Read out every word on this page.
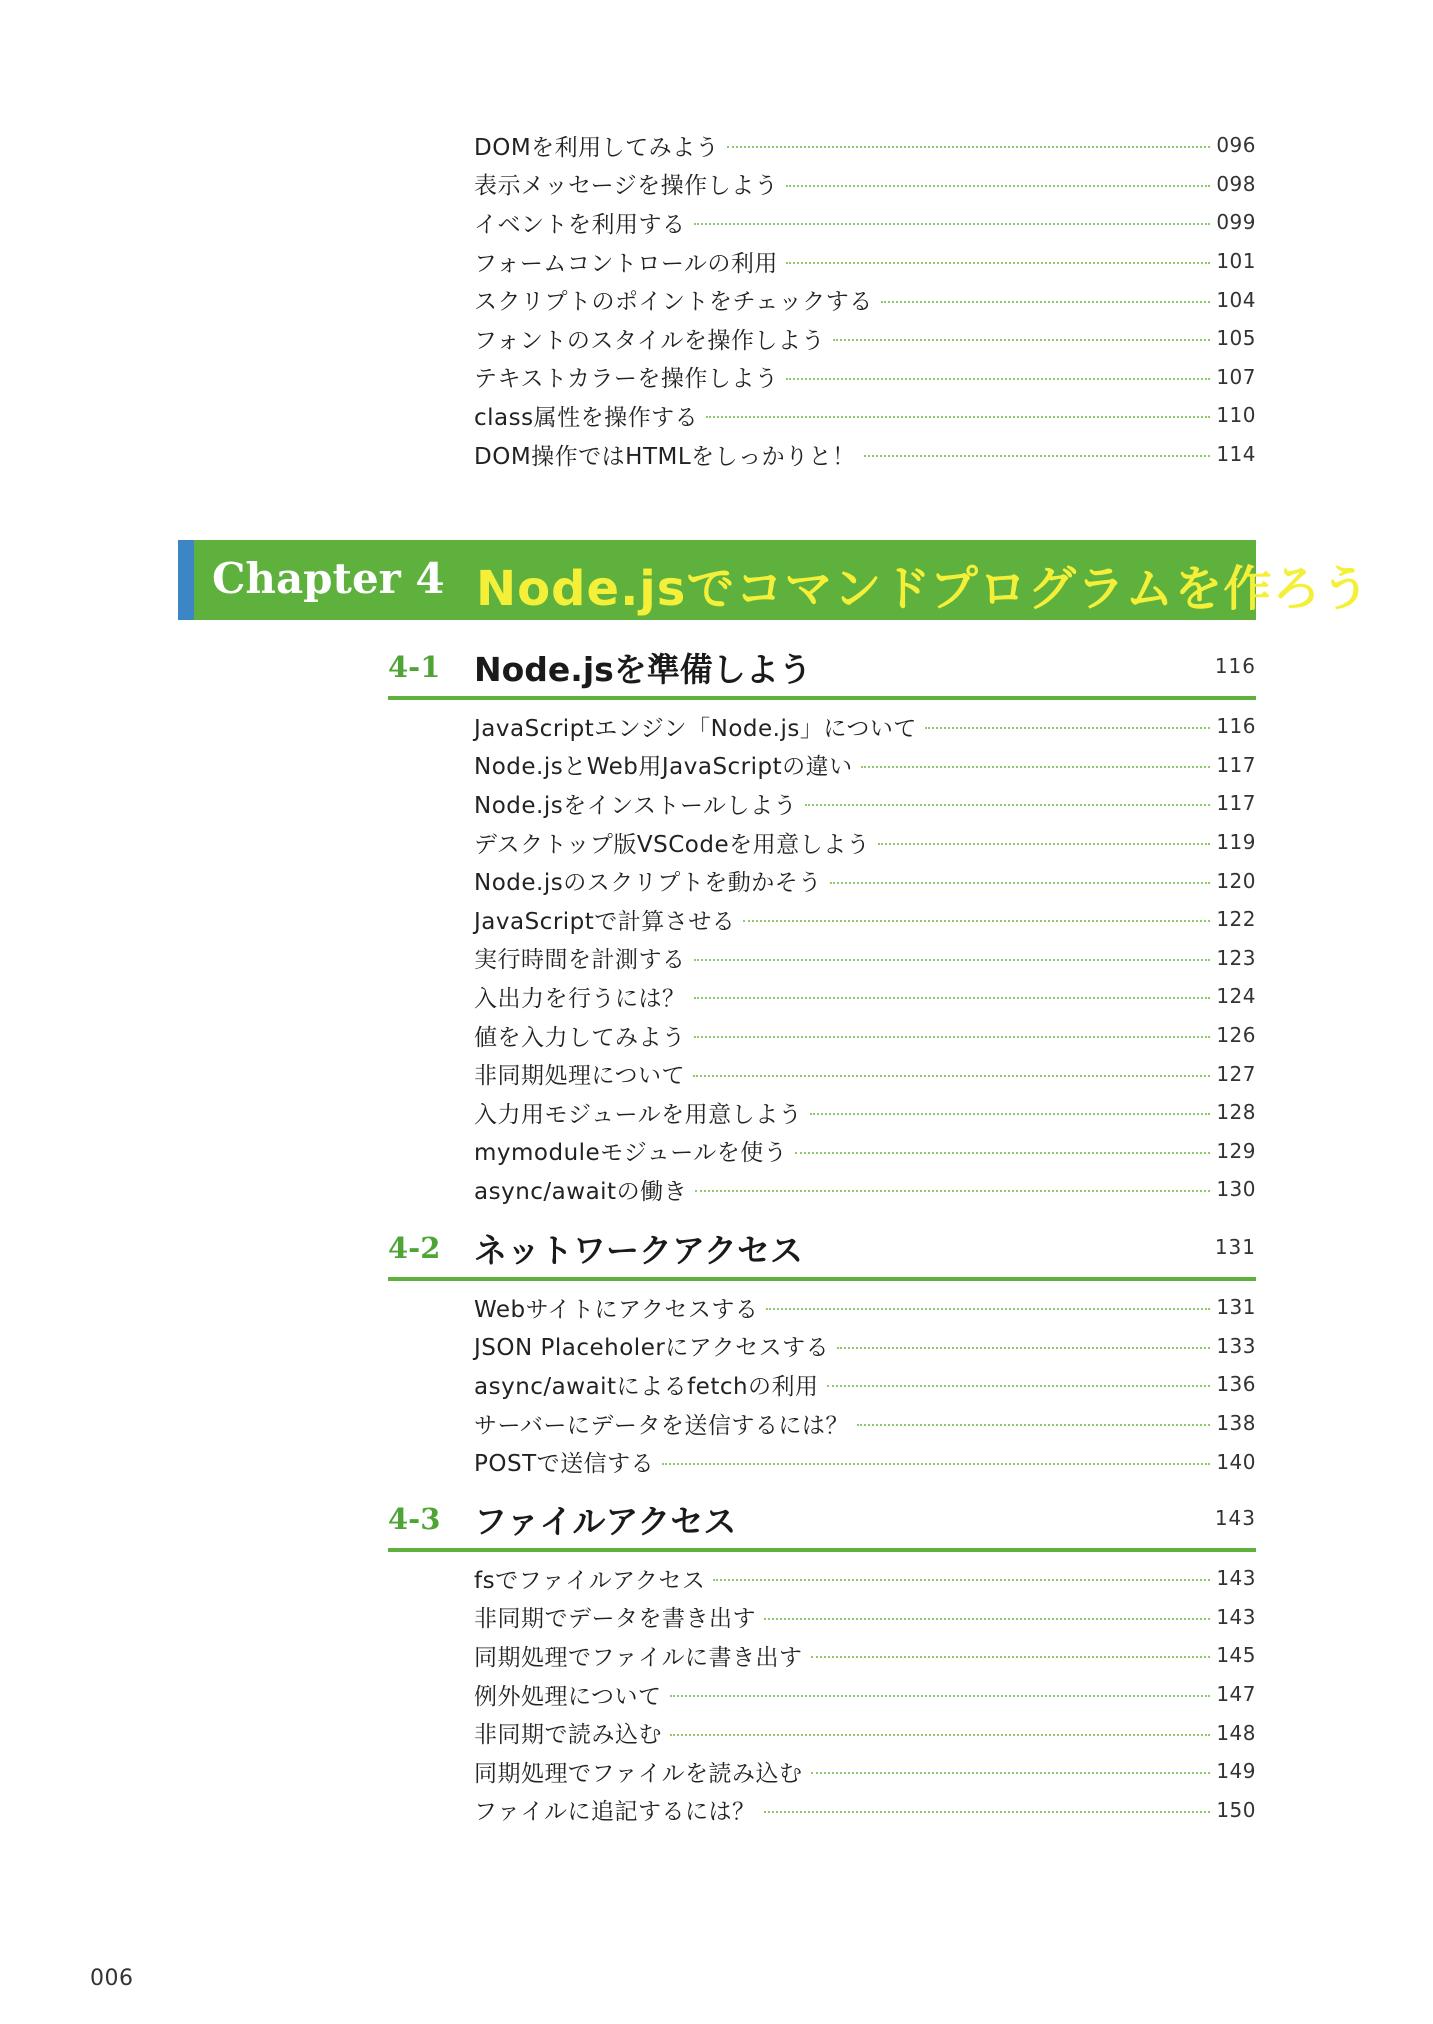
DOMを利用してみよう	096
表示メッセージを操作しよう	098
イベントを利用する	099
フォームコントロールの利用	101
スクリプトのポイントをチェックする	104
フォントのスタイルを操作しよう	105
テキストカラーを操作しよう	107
class属性を操作する	110
DOM操作ではHTMLをしっかりと！	114
Chapter 4 Node.jsでコマンドプログラムを作ろう
4-1 Node.jsを準備しよう	116
JavaScriptエンジン「Node.js」について	116
Node.jsとWeb用JavaScriptの違い	117
Node.jsをインストールしよう	117
デスクトップ版VSCodeを用意しよう	119
Node.jsのスクリプトを動かそう	120
JavaScriptで計算させる	122
実行時間を計測する	123
入出力を行うには？	124
値を入力してみよう	126
非同期処理について	127
入力用モジュールを用意しよう	128
mymoduleモジュールを使う	129
async/awaitの働き	130
4-2 ネットワークアクセス	131
Webサイトにアクセスする	131
JSON Placeholerにアクセスする	133
async/awaitによるfetchの利用	136
サーバーにデータを送信するには？	138
POSTで送信する	140
4-3 ファイルアクセス	143
fsでファイルアクセス	143
非同期でデータを書き出す	143
同期処理でファイルに書き出す	145
例外処理について	147
非同期で読み込む	148
同期処理でファイルを読み込む	149
ファイルに追記するには？	150
006
